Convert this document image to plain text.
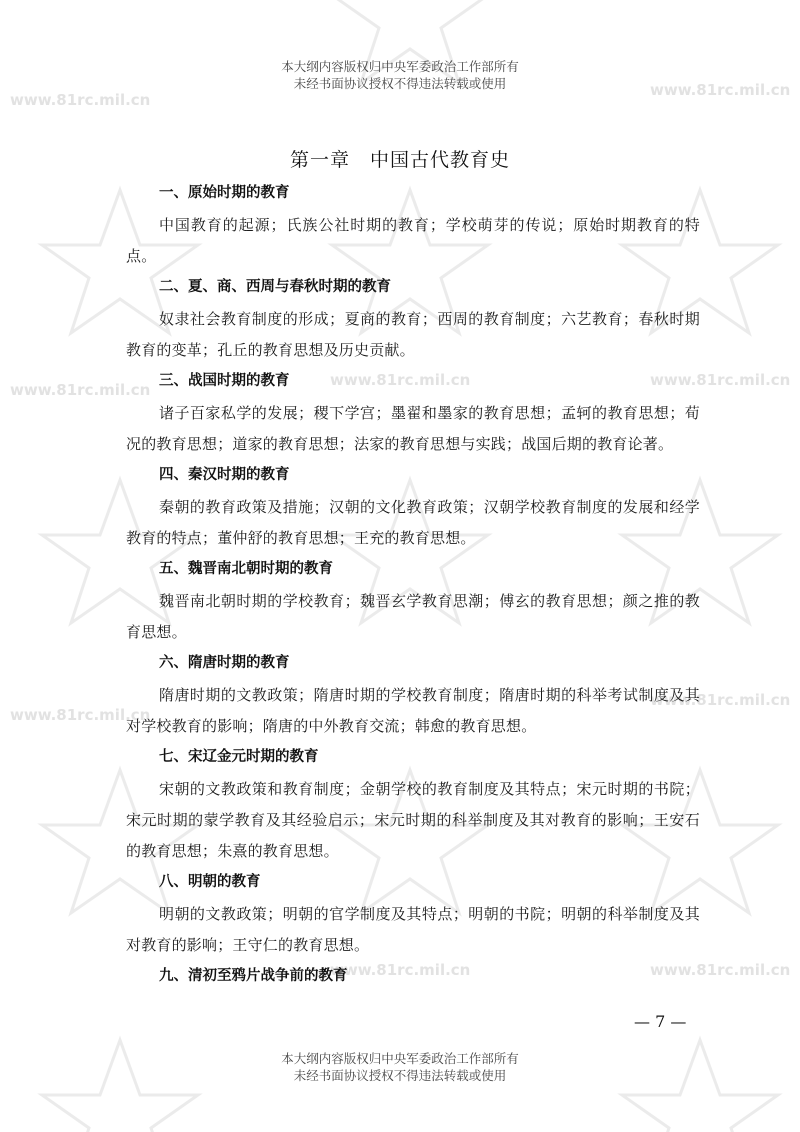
www.81rc.mil.cn
www.81rc.mil.cn
www.81rc.mil.cn
www.81rc.mil.cn	www.81rc.mil.cn
www.81rc.mil.cn
www.81rc.mil.cn
www.81rc.mil.cn	www.81rc.mil.cn
本大纲内容版权归中央军委政治工作部所有
未经书面协议授权不得违法转载或使用
第一章　中国古代教育史
一、原始时期的教育

中国教育的起源；氏族公社时期的教育；学校萌芽的传说；原始时期教育的特点。

二、夏、商、西周与春秋时期的教育

奴隶社会教育制度的形成；夏商的教育；西周的教育制度；六艺教育；春秋时期教育的变革；孔丘的教育思想及历史贡献。

三、战国时期的教育

诸子百家私学的发展；稷下学宫；墨翟和墨家的教育思想；孟轲的教育思想；荀况的教育思想；道家的教育思想；法家的教育思想与实践；战国后期的教育论著。

四、秦汉时期的教育

秦朝的教育政策及措施；汉朝的文化教育政策；汉朝学校教育制度的发展和经学教育的特点；董仲舒的教育思想；王充的教育思想。

五、魏晋南北朝时期的教育

魏晋南北朝时期的学校教育；魏晋玄学教育思潮；傅玄的教育思想；颜之推的教育思想。

六、隋唐时期的教育

隋唐时期的文教政策；隋唐时期的学校教育制度；隋唐时期的科举考试制度及其对学校教育的影响；隋唐的中外教育交流；韩愈的教育思想。

七、宋辽金元时期的教育

宋朝的文教政策和教育制度；金朝学校的教育制度及其特点；宋元时期的书院；宋元时期的蒙学教育及其经验启示；宋元时期的科举制度及其对教育的影响；王安石的教育思想；朱熹的教育思想。

八、明朝的教育

明朝的文教政策；明朝的官学制度及其特点；明朝的书院；明朝的科举制度及其对教育的影响；王守仁的教育思想。

九、清初至鸦片战争前的教育
— 7 —
本大纲内容版权归中央军委政治工作部所有
未经书面协议授权不得违法转载或使用
